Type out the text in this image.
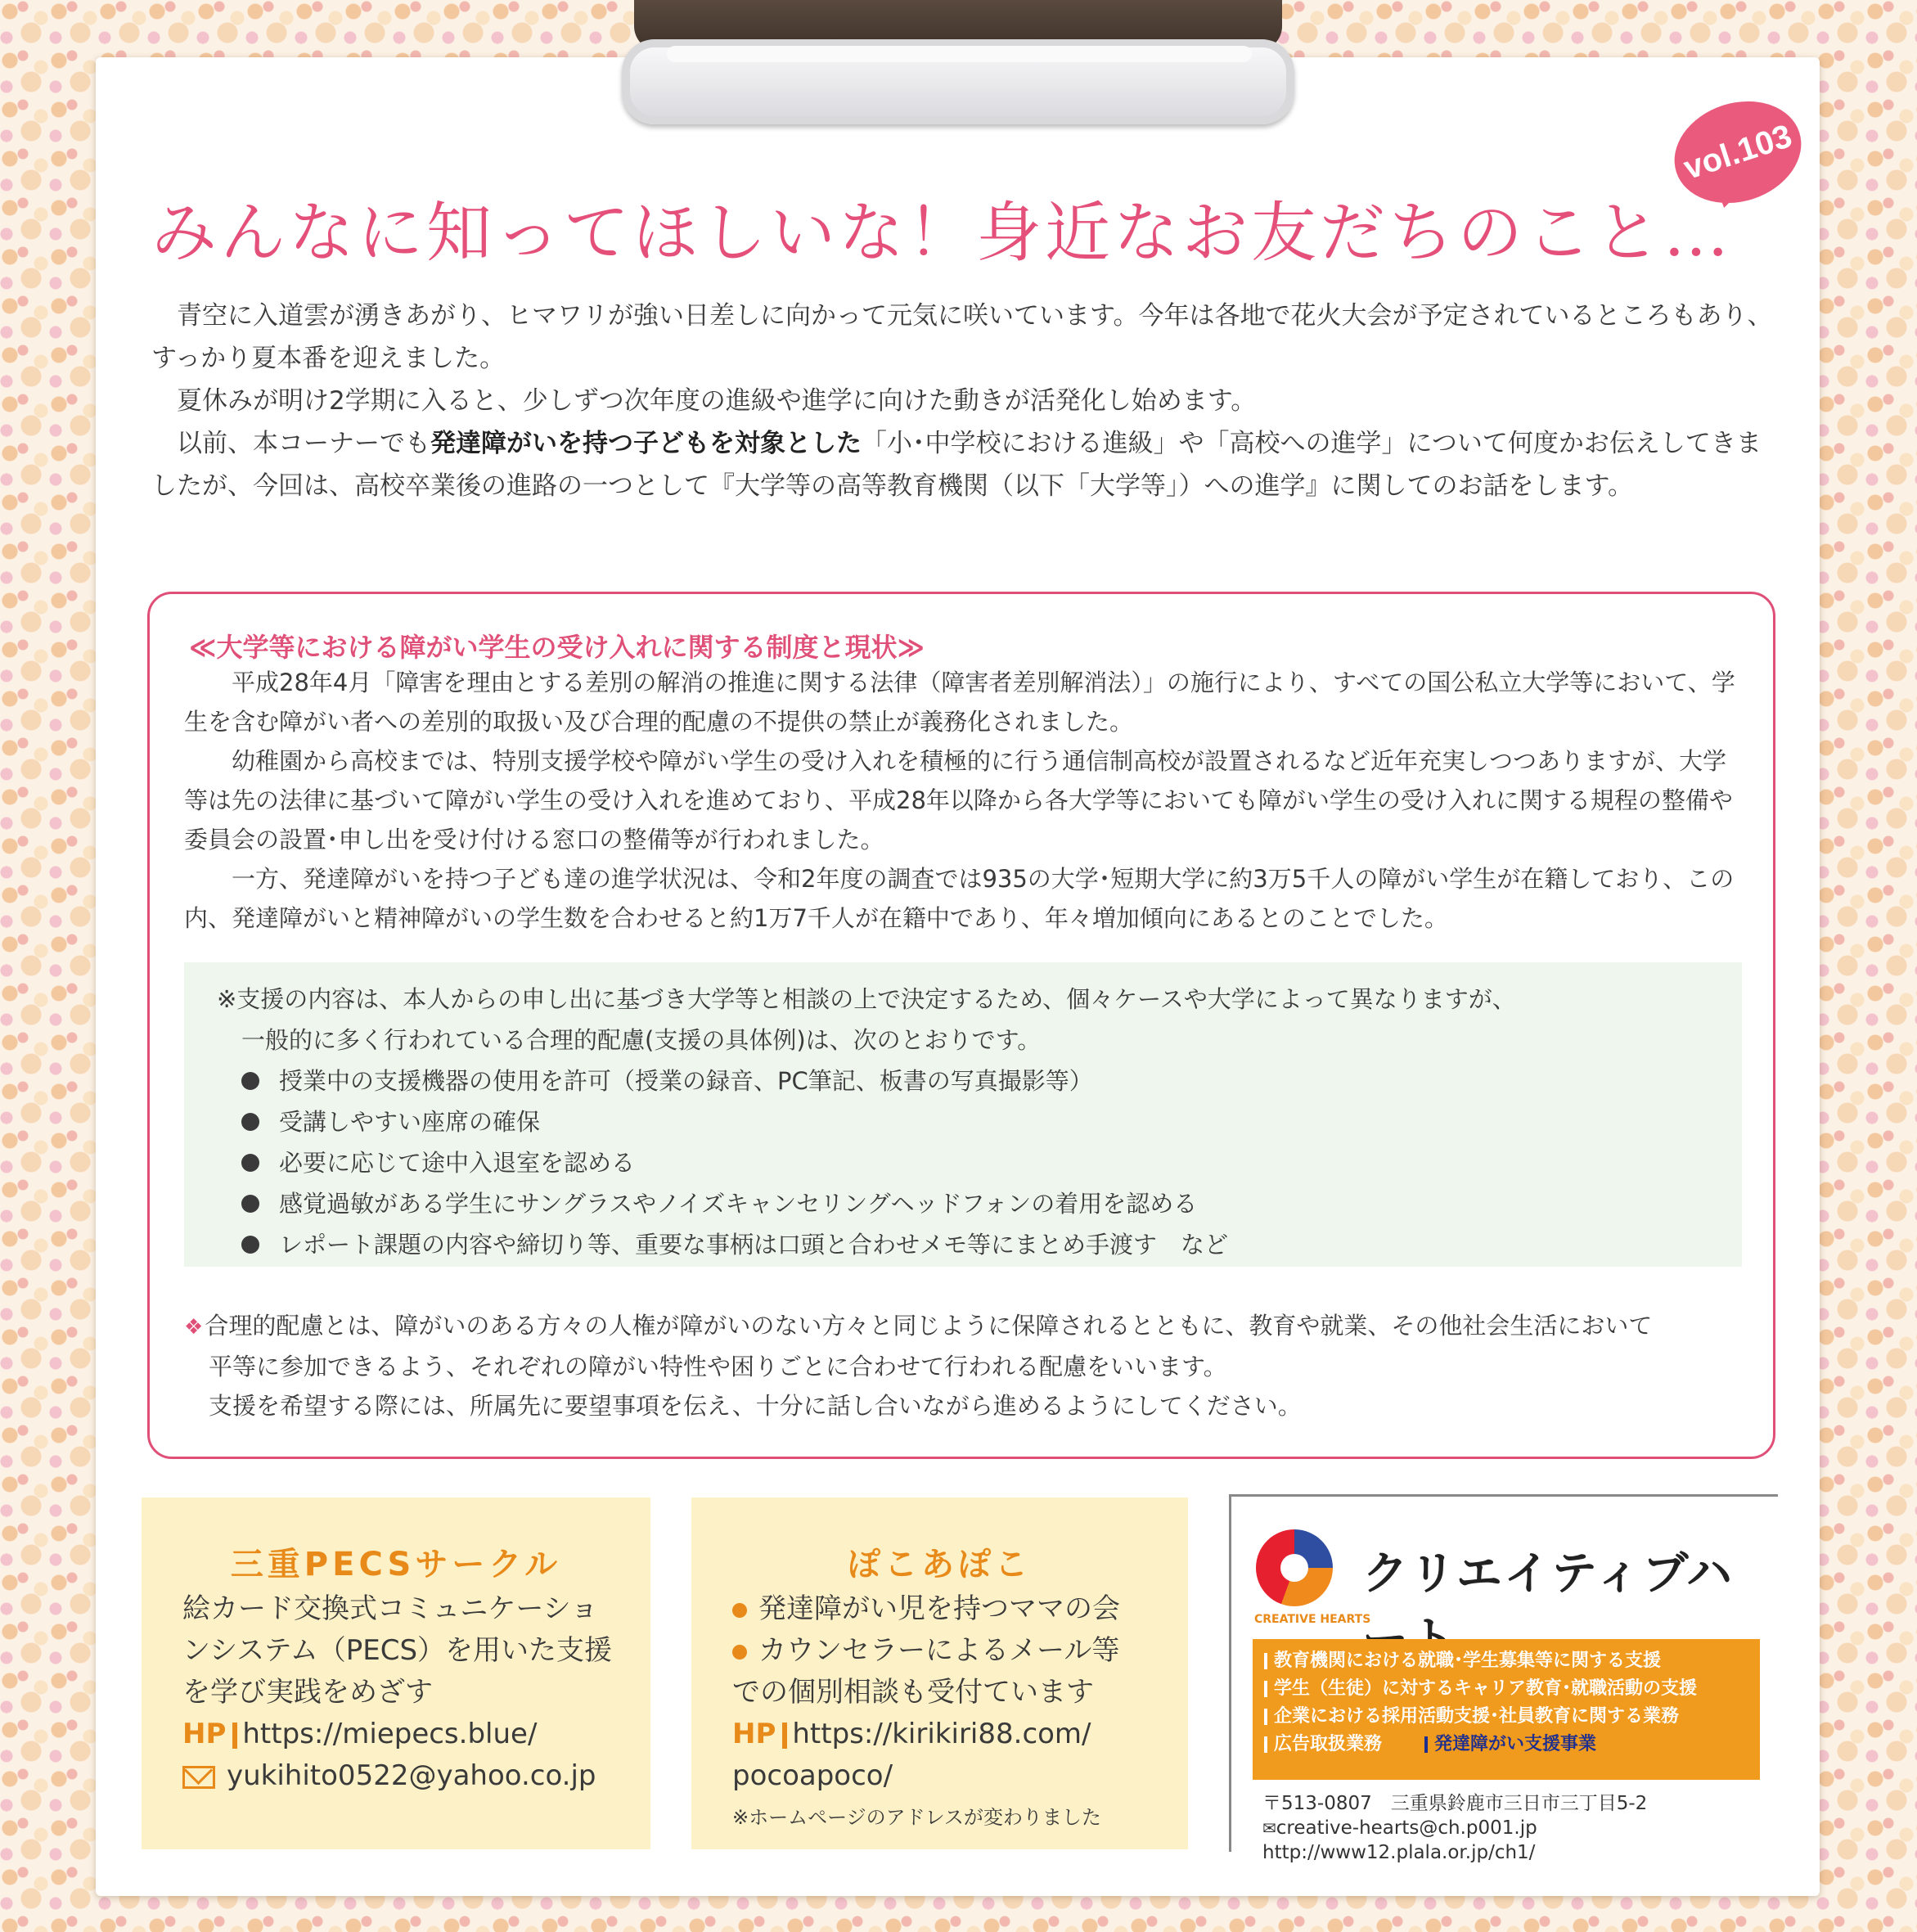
vol.103
みんなに知ってほしいな！身近なお友だちのこと…

青空に入道雲が湧きあがり、ヒマワリが強い日差しに向かって元気に咲いています。今年は各地で花火大会が予定されているところもあり、すっかり夏本番を迎えました。

夏休みが明け2学期に入ると、少しずつ次年度の進級や進学に向けた動きが活発化し始めます。

以前、本コーナーでも発達障がいを持つ子どもを対象とした「小･中学校における進級」や「高校への進学」について何度かお伝えしてきましたが、今回は、高校卒業後の進路の一つとして『大学等の高等教育機関（以下「大学等」）への進学』に関してのお話をします。

≪大学等における障がい学生の受け入れに関する制度と現状≫

平成28年4月「障害を理由とする差別の解消の推進に関する法律（障害者差別解消法）」の施行により、すべての国公私立大学等において、学生を含む障がい者への差別的取扱い及び合理的配慮の不提供の禁止が義務化されました。

幼稚園から高校までは、特別支援学校や障がい学生の受け入れを積極的に行う通信制高校が設置されるなど近年充実しつつありますが、大学等は先の法律に基づいて障がい学生の受け入れを進めており、平成28年以降から各大学等においても障がい学生の受け入れに関する規程の整備や委員会の設置･申し出を受け付ける窓口の整備等が行われました。

一方、発達障がいを持つ子ども達の進学状況は、令和2年度の調査では935の大学･短期大学に約3万5千人の障がい学生が在籍しており、この内、発達障がいと精神障がいの学生数を合わせると約1万7千人が在籍中であり、年々増加傾向にあるとのことでした。

※支援の内容は、本人からの申し出に基づき大学等と相談の上で決定するため、個々ケースや大学によって異なりますが、

一般的に多く行われている合理的配慮(支援の具体例)は、次のとおりです。

授業中の支援機器の使用を許可（授業の録音、PC筆記、板書の写真撮影等）
受講しやすい座席の確保
必要に応じて途中入退室を認める
感覚過敏がある学生にサングラスやノイズキャンセリングヘッドフォンの着用を認める
レポート課題の内容や締切り等、重要な事柄は口頭と合わせメモ等にまとめ手渡す　など

❖合理的配慮とは、障がいのある方々の人権が障がいのない方々と同じように保障されるとともに、教育や就業、その他社会生活において

平等に参加できるよう、それぞれの障がい特性や困りごとに合わせて行われる配慮をいいます。

支援を希望する際には、所属先に要望事項を伝え、十分に話し合いながら進めるようにしてください。

三重PECSサークル

絵カード交換式コミュニケーショ

ンシステム（PECS）を用いた支援

を学び実践をめざす

HP https://miepecs.blue/

yukihito0522@yahoo.co.jp

ぽこあぽこ

発達障がい児を持つママの会

カウンセラーによるメール等

での個別相談も受付ています

HP https://kirikiri88.com/

pocoapoco/

※ホームページのアドレスが変わりました

クリエイティブハ
CREATIVE HEARTS

教育機関における就職･学生募集等に関する支援

学生（生徒）に対するキャリア教育･就職活動の支援

企業における採用活動支援･社員教育に関する業務

広告取扱業務	発達障がい支援事業

〒513-0807　三重県鈴鹿市三日市三丁目5-2

✉creative-hearts@ch.p001.jp

http://www12.plala.or.jp/ch1/
